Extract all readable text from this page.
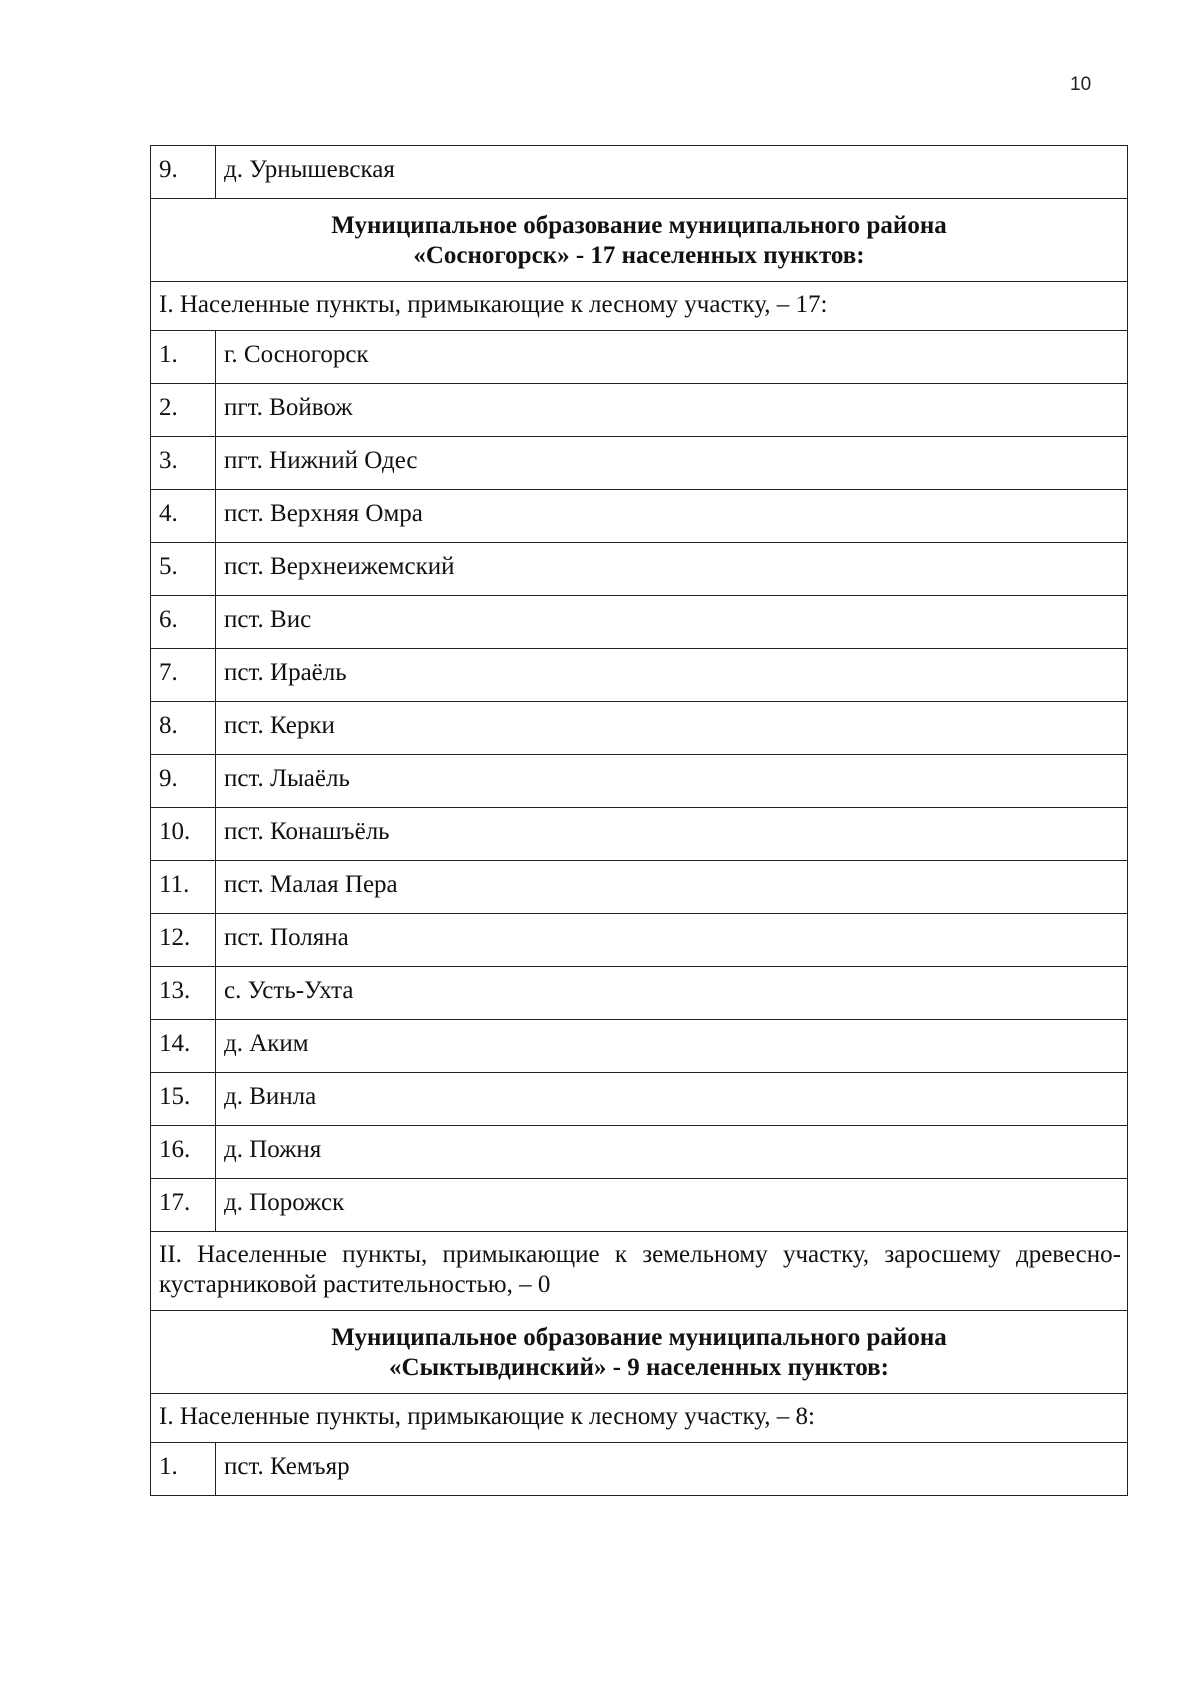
10
9.	д. Урнышевская

Муниципальное образование муниципального района
«Сосногорск» - 17 населенных пунктов:	

I. Населенные пункты, примыкающие к лесному участку, – 17:	
1.	г. Сосногорск
2.	пгт. Войвож
3.	пгт. Нижний Одес
4.	пст. Верхняя Омра
5.	пст. Верхнеижемский
6.	пст. Вис
7.	пст. Ираёль
8.	пст. Керки
9.	пст. Лыаёль
10.	пст. Конашъёль
11.	пст. Малая Пера
12.	пст. Поляна
13.	с. Усть-Ухта
14.	д. Аким
15.	д. Винла
16.	д. Пожня
17.	д. Порожск
II. Населенные пункты, примыкающие к земельному участку, заросшему древесно-кустарниковой растительностью, – 0	

Муниципальное образование муниципального района
«Сыктывдинский» - 9 населенных пунктов:	

I. Населенные пункты, примыкающие к лесному участку, – 8:	
1.	пст. Кемъяр
